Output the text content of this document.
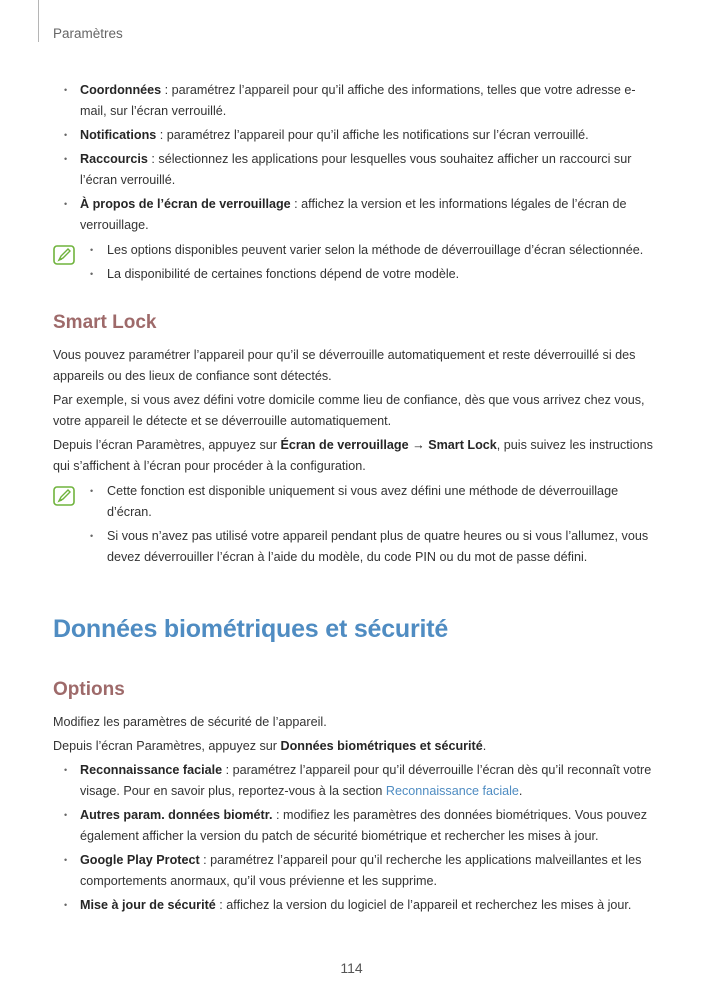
Paramètres
• Coordonnées : paramétrez l’appareil pour qu’il affiche des informations, telles que votre adresse e-mail, sur l’écran verrouillé.
• Notifications : paramétrez l’appareil pour qu’il affiche les notifications sur l’écran verrouillé.
• Raccourcis : sélectionnez les applications pour lesquelles vous souhaitez afficher un raccourci sur l’écran verrouillé.
• À propos de l’écran de verrouillage : affichez la version et les informations légales de l’écran de verrouillage.
• Les options disponibles peuvent varier selon la méthode de déverrouillage d’écran sélectionnée.
• La disponibilité de certaines fonctions dépend de votre modèle.
Smart Lock

Vous pouvez paramétrer l’appareil pour qu’il se déverrouille automatiquement et reste déverrouillé si des appareils ou des lieux de confiance sont détectés.

Par exemple, si vous avez défini votre domicile comme lieu de confiance, dès que vous arrivez chez vous, votre appareil le détecte et se déverrouille automatiquement.

Depuis l’écran Paramètres, appuyez sur Écran de verrouillage → Smart Lock, puis suivez les instructions qui s’affichent à l’écran pour procéder à la configuration.

• Cette fonction est disponible uniquement si vous avez défini une méthode de déverrouillage d’écran.
• Si vous n’avez pas utilisé votre appareil pendant plus de quatre heures ou si vous l’allumez, vous devez déverrouiller l’écran à l’aide du modèle, du code PIN ou du mot de passe défini.
Données biométriques et sécurité
Options

Modifiez les paramètres de sécurité de l’appareil.

Depuis l’écran Paramètres, appuyez sur Données biométriques et sécurité.

• Reconnaissance faciale : paramétrez l’appareil pour qu’il déverrouille l’écran dès qu’il reconnaît votre visage. Pour en savoir plus, reportez-vous à la section Reconnaissance faciale.
• Autres param. données biométr. : modifiez les paramètres des données biométriques. Vous pouvez également afficher la version du patch de sécurité biométrique et rechercher les mises à jour.
• Google Play Protect : paramétrez l’appareil pour qu’il recherche les applications malveillantes et les comportements anormaux, qu’il vous prévienne et les supprime.
• Mise à jour de sécurité : affichez la version du logiciel de l’appareil et recherchez les mises à jour.
114
